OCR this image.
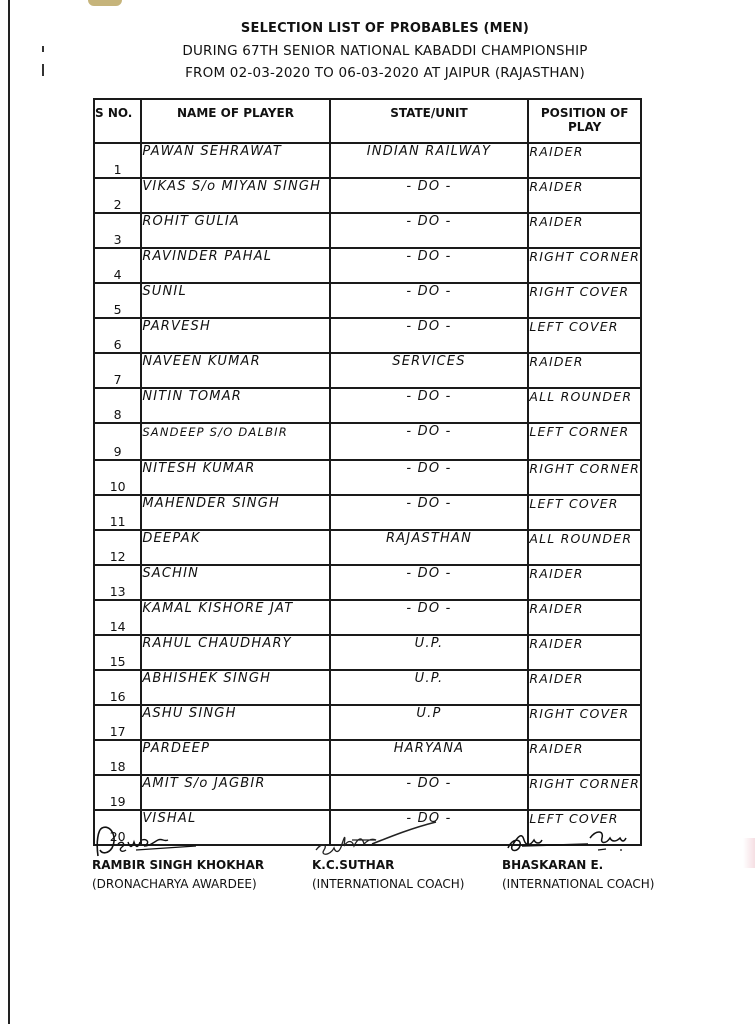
SELECTION LIST OF PROBABLES (MEN)
DURING 67TH SENIOR NATIONAL KABADDI CHAMPIONSHIP
FROM 02-03-2020 TO 06-03-2020 AT JAIPUR (RAJASTHAN)
S NO.	NAME OF PLAYER	STATE/UNIT	POSITION OF PLAY
1	PAWAN SEHRAWAT	INDIAN RAILWAY	RAIDER
2	VIKAS S/o MIYAN SINGH	- DO -	RAIDER
3	ROHIT GULIA	- DO -	RAIDER
4	RAVINDER PAHAL	- DO -	RIGHT CORNER
5	SUNIL	- DO -	RIGHT COVER
6	PARVESH	- DO -	LEFT COVER
7	NAVEEN KUMAR	SERVICES	RAIDER
8	NITIN TOMAR	- DO -	ALL ROUNDER
9	SANDEEP S/O DALBIR	- DO -	LEFT CORNER
10	NITESH KUMAR	- DO -	RIGHT CORNER
11	MAHENDER SINGH	- DO -	LEFT COVER
12	DEEPAK	RAJASTHAN	ALL ROUNDER
13	SACHIN	- DO -	RAIDER
14	KAMAL KISHORE JAT	- DO -	RAIDER
15	RAHUL CHAUDHARY	U.P.	RAIDER
16	ABHISHEK SINGH	U.P.	RAIDER
17	ASHU SINGH	U.P	RIGHT COVER
18	PARDEEP	HARYANA	RAIDER
19	AMIT S/o JAGBIR	- DO -	RIGHT CORNER
20	VISHAL	- DO -	LEFT COVER
RAMBIR SINGH KHOKHAR
(DRONACHARYA AWARDEE)
K.C.SUTHAR
(INTERNATIONAL COACH)
BHASKARAN E.
(INTERNATIONAL COACH)
